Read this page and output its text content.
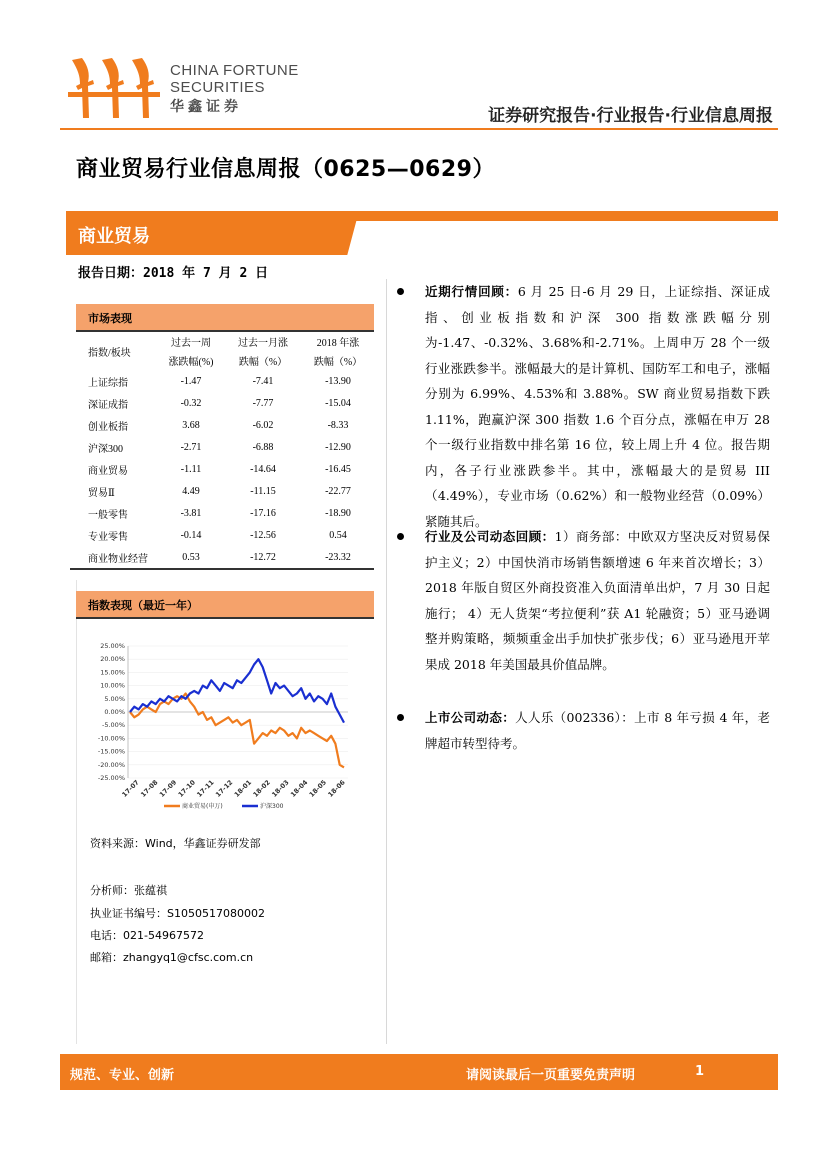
CHINA FORTUNE
SECURITIES
华鑫证券	证券研究报告·行业报告·行业信息周报
商业贸易行业信息周报（0625—0629）
商业贸易
报告日期：2018 年 7 月 2 日
市场表现
指数/板块	过去一周	过去一月涨	2018 年涨
	涨跌幅(%)	跌幅（%）	跌幅（%）
上证综指	-1.47	-7.41	-13.90
深证成指	-0.32	-7.77	-15.04
创业板指	3.68	-6.02	-8.33
沪深300	-2.71	-6.88	-12.90
商业贸易	-1.11	-14.64	-16.45
贸易Ⅱ	4.49	-11.15	-22.77
一般零售	-3.81	-17.16	-18.90
专业零售	-0.14	-12.56	0.54
商业物业经营	0.53	-12.72	-23.32
指数表现（最近一年）
25.00%
20.00%
15.00%
10.00%
5.00%
0.00%
-5.00%
-10.00%
-15.00%
-20.00%
-25.00%
17-07
17-08
17-09
17-10
17-11
17-12
18-01
18-02
18-03
18-04
18-05
18-06
商业贸易(申万)	沪深300
资料来源：Wind，华鑫证券研发部
分析师：张蕴祺
执业证书编号：S1050517080002
电话：021-54967572
邮箱：zhangyq1@cfsc.com.cn
近期行情回顾：6 月 25 日-6 月 29 日，上证综指、深证成指、创业板指数和沪深 300 指数涨跌幅分别为-1.47、-0.32%、3.68%和-2.71%。上周申万 28 个一级行业涨跌参半。涨幅最大的是计算机、国防军工和电子，涨幅分别为 6.99%、4.53%和 3.88%。SW 商业贸易指数下跌 1.11%，跑赢沪深 300 指数 1.6 个百分点，涨幅在申万 28 个一级行业指数中排名第 16 位，较上周上升 4 位。报告期内，各子行业涨跌参半。其中，涨幅最大的是贸易 III（4.49%），专业市场（0.62%）和一般物业经营（0.09%）紧随其后。
行业及公司动态回顾：1）商务部：中欧双方坚决反对贸易保护主义；2）中国快消市场销售额增速 6 年来首次增长；3）2018 年版自贸区外商投资准入负面清单出炉，7 月 30 日起施行； 4）无人货架“考拉便利”获 A1 轮融资；5）亚马逊调整并购策略，频频重金出手加快扩张步伐；6）亚马逊甩开苹果成 2018 年美国最具价值品牌。
上市公司动态：人人乐（002336）：上市 8 年亏损 4 年，老牌超市转型待考。
规范、专业、创新	请阅读最后一页重要免责声明	1
